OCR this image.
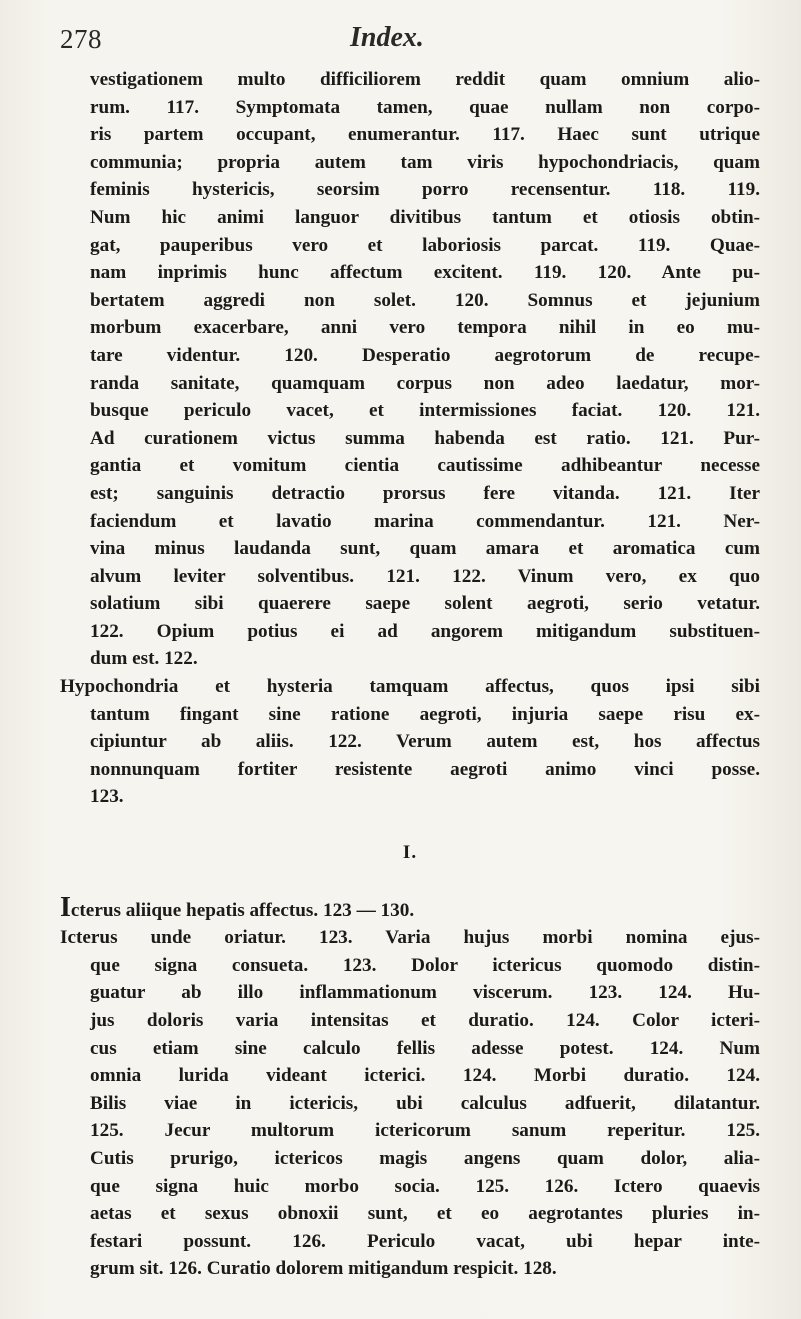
278	Index.
vestigationem multo difficiliorem reddit quam omnium alio-
rum. 117. Symptomata tamen, quae nullam non corpo-
ris partem occupant, enumerantur. 117. Haec sunt utrique
communia; propria autem tam viris hypochondriacis, quam
feminis hystericis, seorsim porro recensentur. 118. 119.
Num hic animi languor divitibus tantum et otiosis obtin-
gat, pauperibus vero et laboriosis parcat. 119. Quae-
nam inprimis hunc affectum excitent. 119. 120. Ante pu-
bertatem aggredi non solet. 120. Somnus et jejunium
morbum exacerbare, anni vero tempora nihil in eo mu-
tare videntur. 120. Desperatio aegrotorum de recupe-
randa sanitate, quamquam corpus non adeo laedatur, mor-
busque periculo vacet, et intermissiones faciat. 120. 121.
Ad curationem victus summa habenda est ratio. 121. Pur-
gantia et vomitum cientia cautissime adhibeantur necesse
est; sanguinis detractio prorsus fere vitanda. 121. Iter
faciendum et lavatio marina commendantur. 121. Ner-
vina minus laudanda sunt, quam amara et aromatica cum
alvum leviter solventibus. 121. 122. Vinum vero, ex quo
solatium sibi quaerere saepe solent aegroti, serio vetatur.
122. Opium potius ei ad angorem mitigandum substituen-
dum est. 122.
Hypochondria et hysteria tamquam affectus, quos ipsi sibi
tantum fingant sine ratione aegroti, injuria saepe risu ex-
cipiuntur ab aliis. 122. Verum autem est, hos affectus
nonnunquam fortiter resistente aegroti animo vinci posse.
123.
I.
Icterus aliique hepatis affectus. 123 — 130.
Icterus unde oriatur. 123. Varia hujus morbi nomina ejus-
que signa consueta. 123. Dolor ictericus quomodo distin-
guatur ab illo inflammationum viscerum. 123. 124. Hu-
jus doloris varia intensitas et duratio. 124. Color icteri-
cus etiam sine calculo fellis adesse potest. 124. Num
omnia lurida videant icterici. 124. Morbi duratio. 124.
Bilis viae in ictericis, ubi calculus adfuerit, dilatantur.
125. Jecur multorum ictericorum sanum reperitur. 125.
Cutis prurigo, ictericos magis angens quam dolor, alia-
que signa huic morbo socia. 125. 126. Ictero quaevis
aetas et sexus obnoxii sunt, et eo aegrotantes pluries in-
festari possunt. 126. Periculo vacat, ubi hepar inte-
grum sit. 126. Curatio dolorem mitigandum respicit. 128.
